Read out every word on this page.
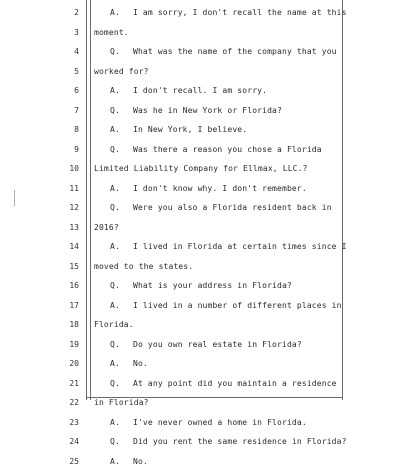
2	A. I am sorry, I don't recall the name at this
3 moment.
4	Q. What was the name of the company that you
5 worked for?
6	A. I don't recall. I am sorry.
7	Q. Was he in New York or Florida?
8	A. In New York, I believe.
9	Q. Was there a reason you chose a Florida
10 Limited Liability Company for Ellmax, LLC.?
11	A. I don't know why. I don't remember.
12	Q. Were you also a Florida resident back in
13 2016?
14	A. I lived in Florida at certain times since I
15 moved to the states.
16	Q. What is your address in Florida?
17	A. I lived in a number of different places in
18 Florida.
19	Q. Do you own real estate in Florida?
20	A. No.
21	Q. At any point did you maintain a residence
22 in Florida?
23	A. I've never owned a home in Florida.
24	Q. Did you rent the same residence in Florida?
25	A. No.
